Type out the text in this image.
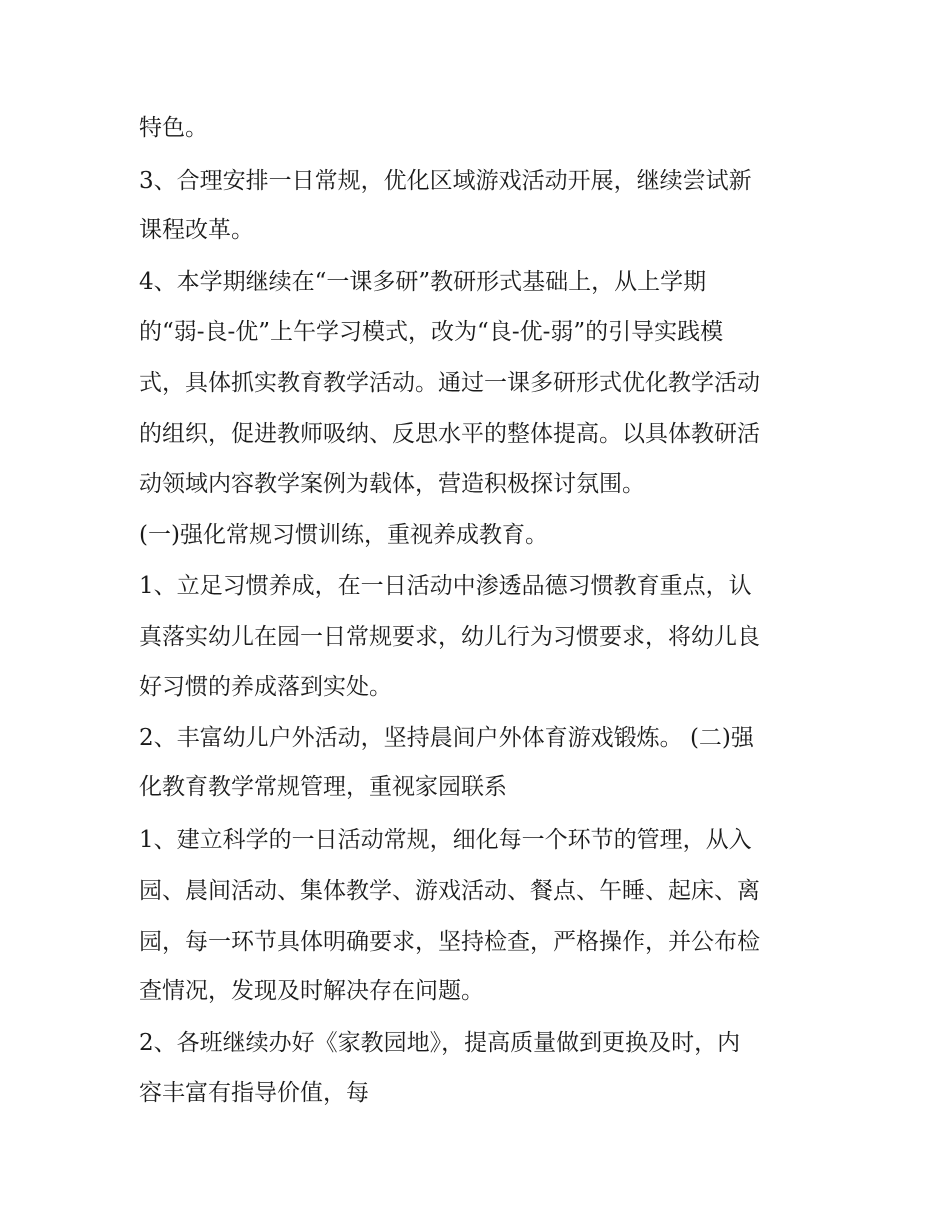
特色。
3、合理安排一日常规，优化区域游戏活动开展，继续尝试新
课程改革。
4、本学期继续在“一课多研”教研形式基础上，从上学期
的“弱-良-优”上午学习模式，改为“良-优-弱”的引导实践模
式，具体抓实教育教学活动。通过一课多研形式优化教学活动
的组织，促进教师吸纳、反思水平的整体提高。以具体教研活
动领域内容教学案例为载体，营造积极探讨氛围。
(一)强化常规习惯训练，重视养成教育。
1、立足习惯养成，在一日活动中渗透品德习惯教育重点，认
真落实幼儿在园一日常规要求，幼儿行为习惯要求，将幼儿良
好习惯的养成落到实处。
2、丰富幼儿户外活动，坚持晨间户外体育游戏锻炼。 (二)强
化教育教学常规管理，重视家园联系
1、建立科学的一日活动常规，细化每一个环节的管理，从入
园、晨间活动、集体教学、游戏活动、餐点、午睡、起床、离
园，每一环节具体明确要求，坚持检查，严格操作，并公布检
查情况，发现及时解决存在问题。
2、各班继续办好《家教园地》，提高质量做到更换及时，内
容丰富有指导价值，每
